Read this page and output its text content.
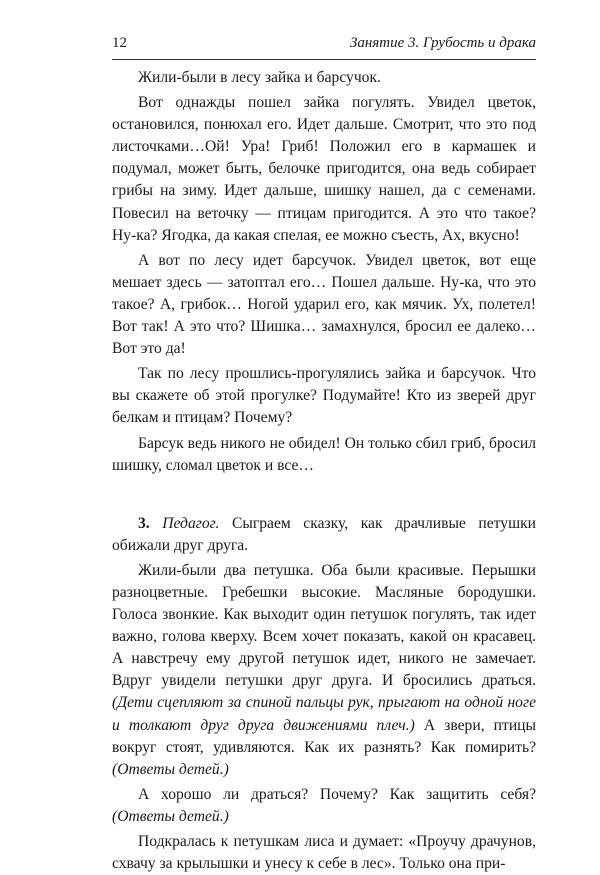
12	Занятие 3. Грубость и драка

Жили-были в лесу зайка и барсучок.

Вот однажды пошел зайка погулять. Увидел цветок, остановился, понюхал его. Идет дальше. Смотрит, что это под листочками…Ой! Ура! Гриб! Положил его в кармашек и подумал, может быть, белочке пригодится, она ведь собирает грибы на зиму. Идет дальше, шишку нашел, да с семенами. Повесил на веточку — птицам пригодится. А это что такое? Ну-ка? Ягодка, да какая спелая, ее можно съесть, Ах, вкусно!

А вот по лесу идет барсучок. Увидел цветок, вот еще мешает здесь — затоптал его… Пошел дальше. Ну-ка, что это такое? А, грибок… Ногой ударил его, как мячик. Ух, полетел! Вот так! А это что? Шишка… замахнулся, бросил ее далеко… Вот это да!

Так по лесу прошлись-прогулялись зайка и барсучок. Что вы скажете об этой прогулке? Подумайте! Кто из зверей друг белкам и птицам? Почему?

Барсук ведь никого не обидел! Он только сбил гриб, бросил шишку, сломал цветок и все…

3. Педагог. Сыграем сказку, как драчливые петушки обижали друг друга.

Жили-были два петушка. Оба были красивые. Перышки разноцветные. Гребешки высокие. Масляные бородушки. Голоса звонкие. Как выходит один петушок погулять, так идет важно, голова кверху. Всем хочет показать, какой он красавец. А навстречу ему другой петушок идет, никого не замечает. Вдруг увидели петушки друг друга. И бросились драться. (Дети сцепляют за спиной пальцы рук, прыгают на одной ноге и толкают друг друга движениями плеч.) А звери, птицы вокруг стоят, удивляются. Как их разнять? Как помирить? (Ответы детей.)

А хорошо ли драться? Почему? Как защитить себя? (Ответы детей.)

Подкралась к петушкам лиса и думает: «Проучу драчунов, схвачу за крылышки и унесу к себе в лес». Только она при-
